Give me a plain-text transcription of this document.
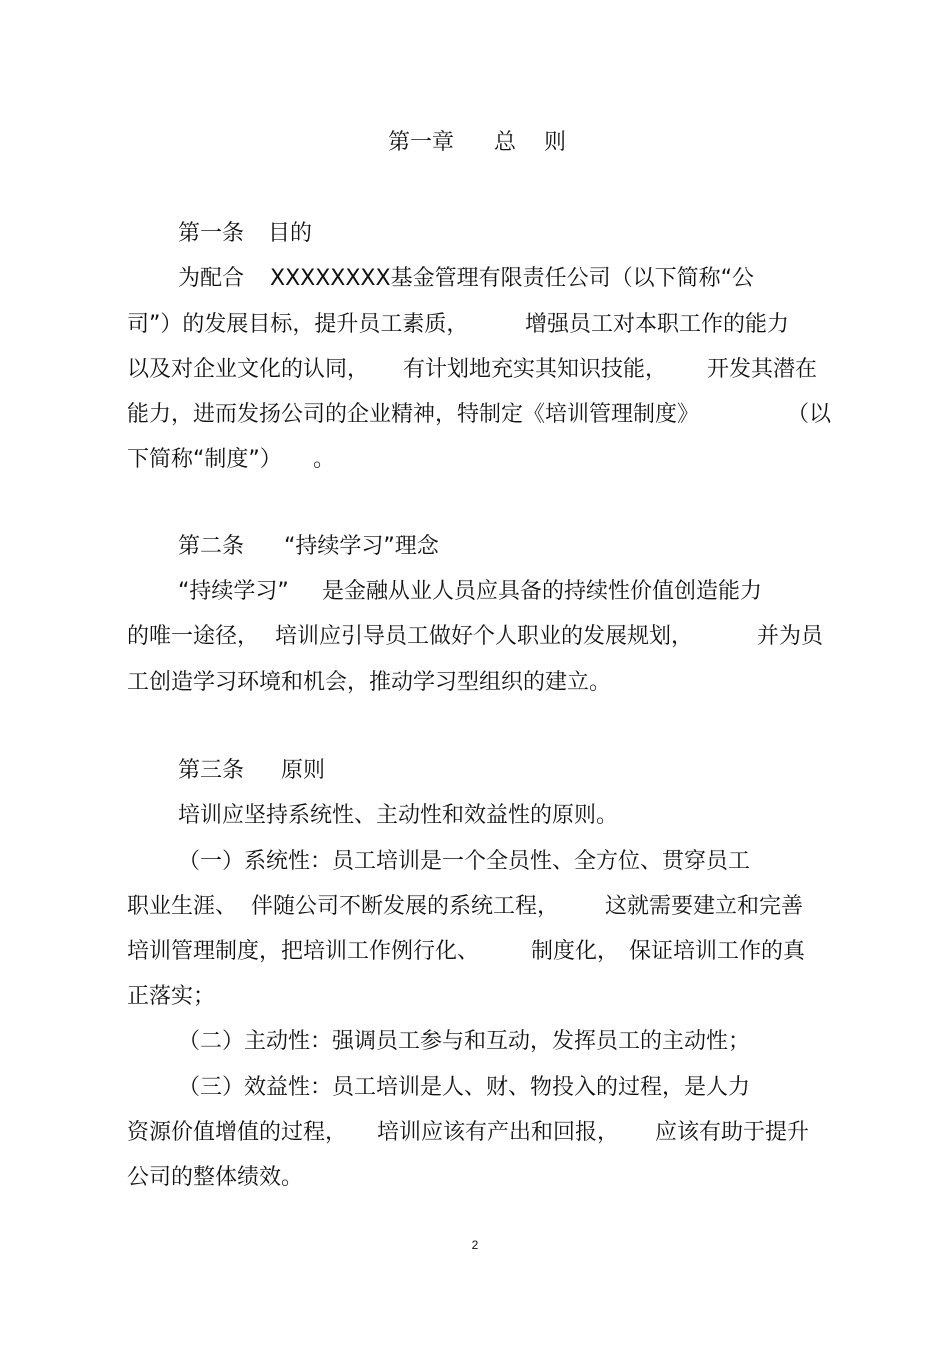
第一章

总

则

第一条

目的

为配合

XXXXXXXX基金管理有限责任公司（以下简称“公

司”）的发展目标，提升员工素质，

	增强员工对本职工作的能力

以及对企业文化的认同，

有计划地充实其知识技能，

开发其潜在

能力，进而发扬公司的企业精神，特制定《培训管理制度》

	（以

下简称“制度”）

。

第二条

“持续学习”理念

“持续学习”

是金融从业人员应具备的持续性价值创造能力

的唯一途径，

培训应引导员工做好个人职业的发展规划，

	并为员

工创造学习环境和机会，推动学习型组织的建立。

第三条

原则

培训应坚持系统性、主动性和效益性的原则。

（一）系统性：员工培训是一个全员性、全方位、贯穿员工

职业生涯、

伴随公司不断发展的系统工程，

这就需要建立和完善

培训管理制度，把培训工作例行化、

制度化，

保证培训工作的真

正落实；

（二）主动性：强调员工参与和互动，发挥员工的主动性；

（三）效益性：员工培训是人、财、物投入的过程，是人力

资源价值增值的过程，

培训应该有产出和回报，

应该有助于提升

公司的整体绩效。

2
